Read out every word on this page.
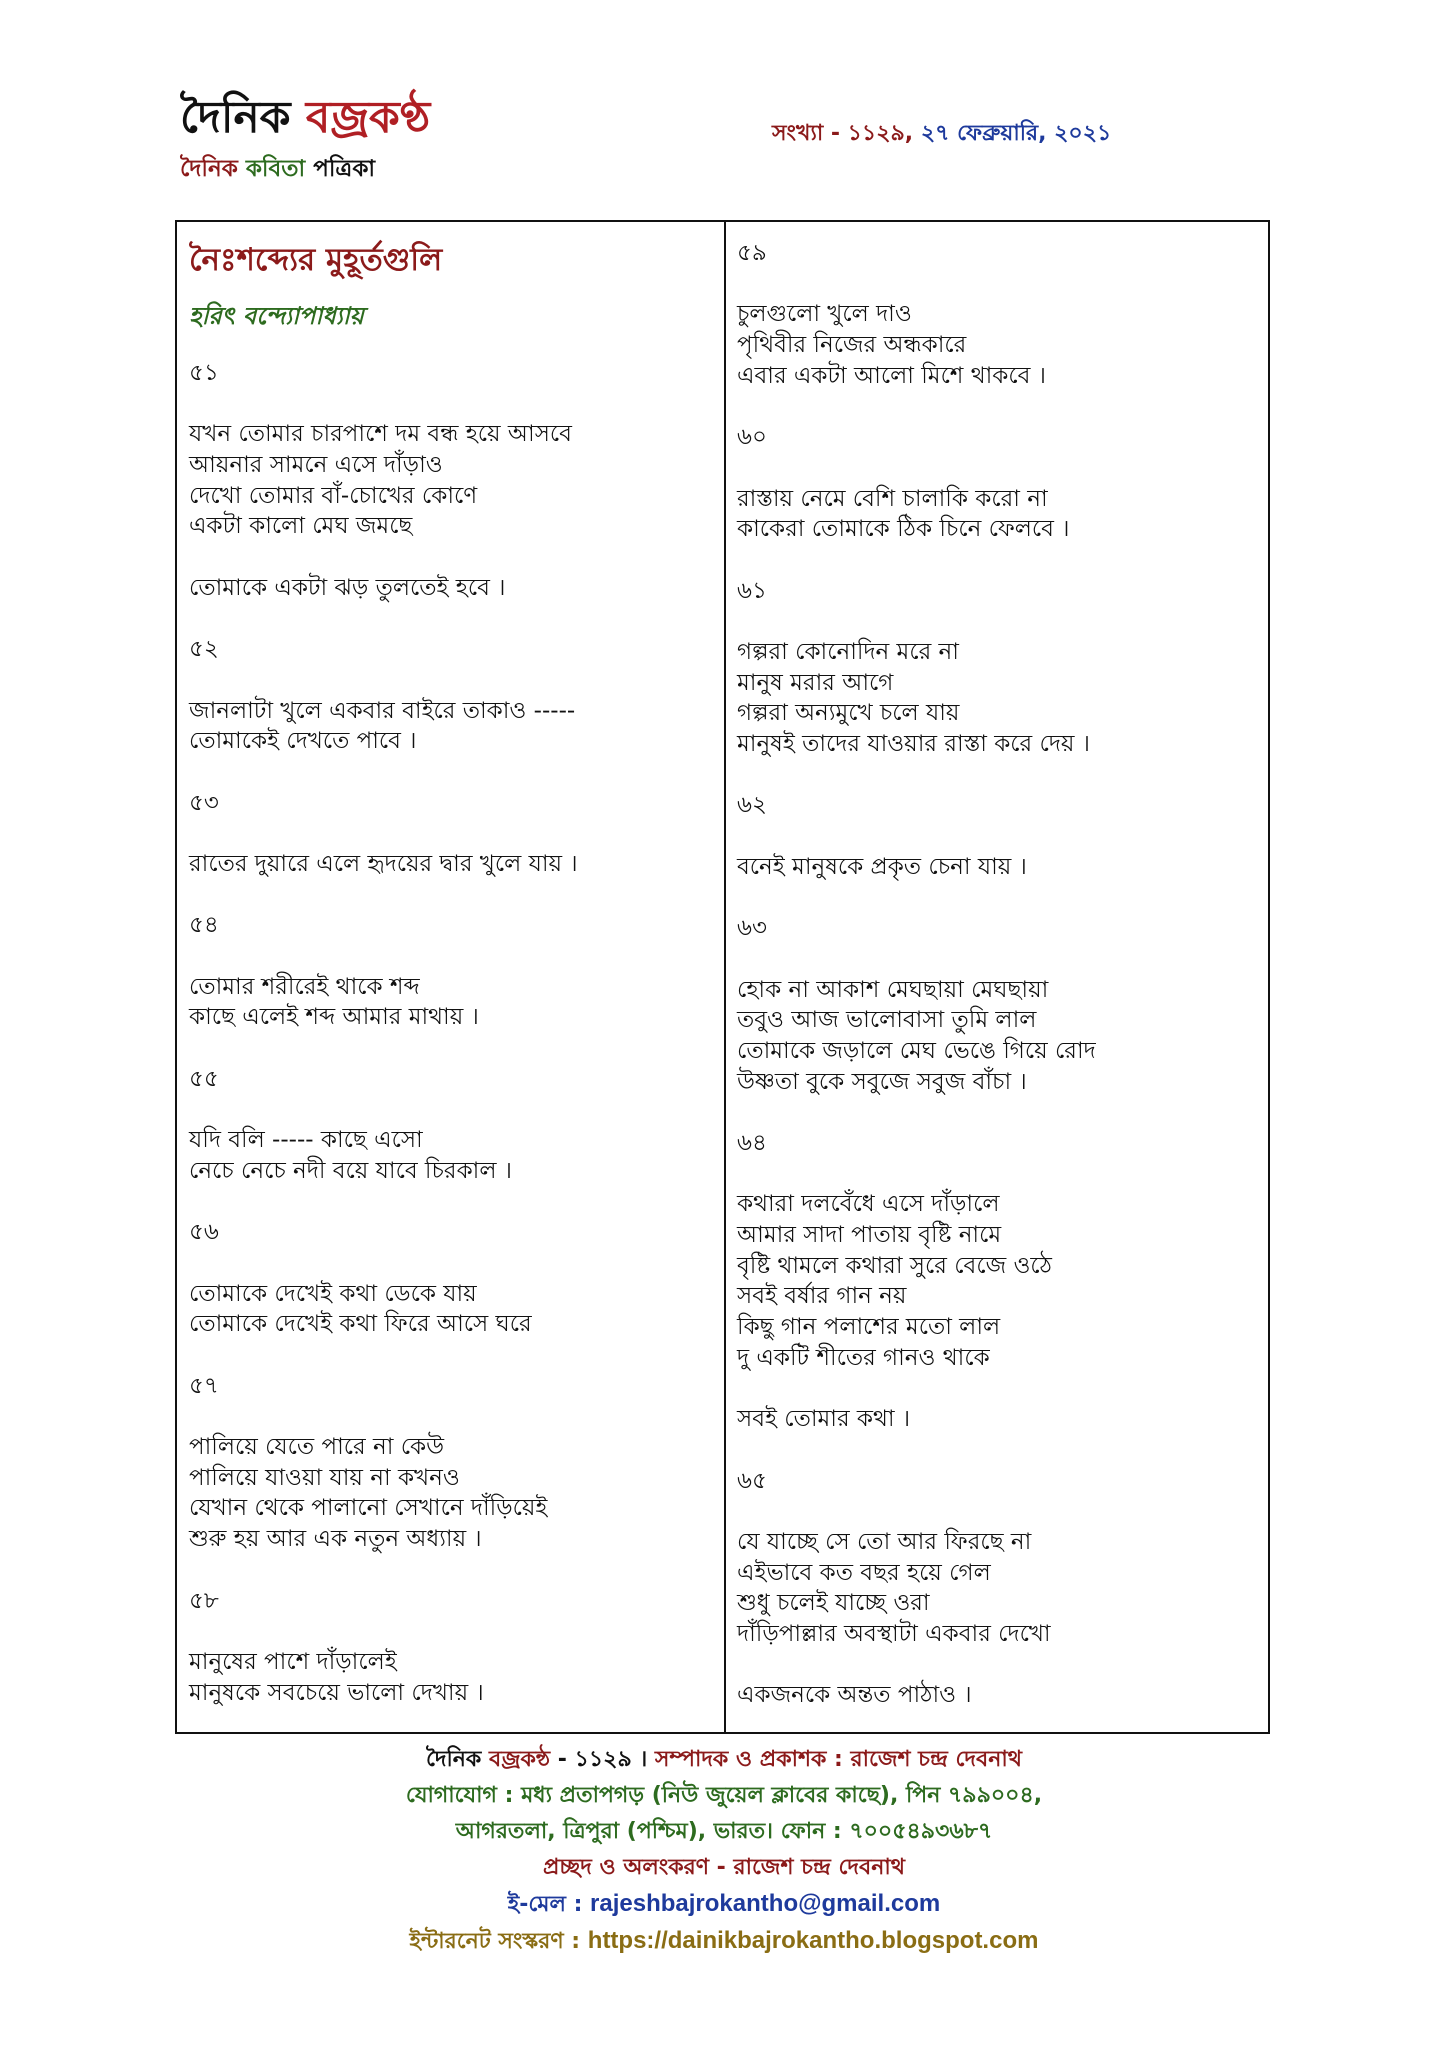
দৈনিক বজ্রকণ্ঠ
দৈনিক কবিতা পত্রিকা
সংখ্যা - ১১২৯, ২৭ ফেব্রুয়ারি, ২০২১
নৈঃশব্দ্যের মুহূর্তগুলি
হরিৎ বন্দ্যোপাধ্যায়
৫১
যখন তোমার চারপাশে দম বন্ধ হয়ে আসবে
আয়নার সামনে এসে দাঁড়াও
দেখো তোমার বাঁ-চোখের কোণে
একটা কালো মেঘ জমছে
তোমাকে একটা ঝড় তুলতেই হবে ।
৫২
জানলাটা খুলে একবার বাইরে তাকাও -----
তোমাকেই দেখতে পাবে ।
৫৩
রাতের দুয়ারে এলে হৃদয়ের দ্বার খুলে যায় ।
৫৪
তোমার শরীরেই থাকে শব্দ
কাছে এলেই শব্দ আমার মাথায় ।
৫৫
যদি বলি ----- কাছে এসো
নেচে নেচে নদী বয়ে যাবে চিরকাল ।
৫৬
তোমাকে দেখেই কথা ডেকে যায়
তোমাকে দেখেই কথা ফিরে আসে ঘরে
৫৭
পালিয়ে যেতে পারে না কেউ
পালিয়ে যাওয়া যায় না কখনও
যেখান থেকে পালানো সেখানে দাঁড়িয়েই
শুরু হয় আর এক নতুন অধ্যায় ।
৫৮
মানুষের পাশে দাঁড়ালেই
মানুষকে সবচেয়ে ভালো দেখায় ।
৫৯
চুলগুলো খুলে দাও
পৃথিবীর নিজের অন্ধকারে
এবার একটা আলো মিশে থাকবে ।
৬০
রাস্তায় নেমে বেশি চালাকি করো না
কাকেরা তোমাকে ঠিক চিনে ফেলবে ।
৬১
গল্পরা কোনোদিন মরে না
মানুষ মরার আগে
গল্পরা অন্যমুখে চলে যায়
মানুষই তাদের যাওয়ার রাস্তা করে দেয় ।
৬২
বনেই মানুষকে প্রকৃত চেনা যায় ।
৬৩
হোক না আকাশ মেঘছায়া মেঘছায়া
তবুও আজ ভালোবাসা তুমি লাল
তোমাকে জড়ালে মেঘ ভেঙে গিয়ে রোদ
উষ্ণতা বুকে সবুজে সবুজ বাঁচা ।
৬৪
কথারা দলবেঁধে এসে দাঁড়ালে
আমার সাদা পাতায় বৃষ্টি নামে
বৃষ্টি থামলে কথারা সুরে বেজে ওঠে
সবই বর্ষার গান নয়
কিছু গান পলাশের মতো লাল
দু একটি শীতের গানও থাকে
সবই তোমার কথা ।
৬৫
যে যাচ্ছে সে তো আর ফিরছে না
এইভাবে কত বছর হয়ে গেল
শুধু চলেই যাচ্ছে ওরা
দাঁড়িপাল্লার অবস্থাটা একবার দেখো
একজনকে অন্তত পাঠাও ।
দৈনিক বজ্রকন্ঠ - ১১২৯ । সম্পাদক ও প্রকাশক : রাজেশ চন্দ্র দেবনাথ
যোগাযোগ : মধ্য প্রতাপগড় (নিউ জুয়েল ক্লাবের কাছে), পিন ৭৯৯০০৪,
আগরতলা, ত্রিপুরা (পশ্চিম), ভারত। ফোন : ৭০০৫৪৯৩৬৮৭
প্রচ্ছদ ও অলংকরণ - রাজেশ চন্দ্র দেবনাথ
ই-মেল : rajeshbajrokantho@gmail.com
ইন্টারনেট সংস্করণ : https://dainikbajrokantho.blogspot.com
